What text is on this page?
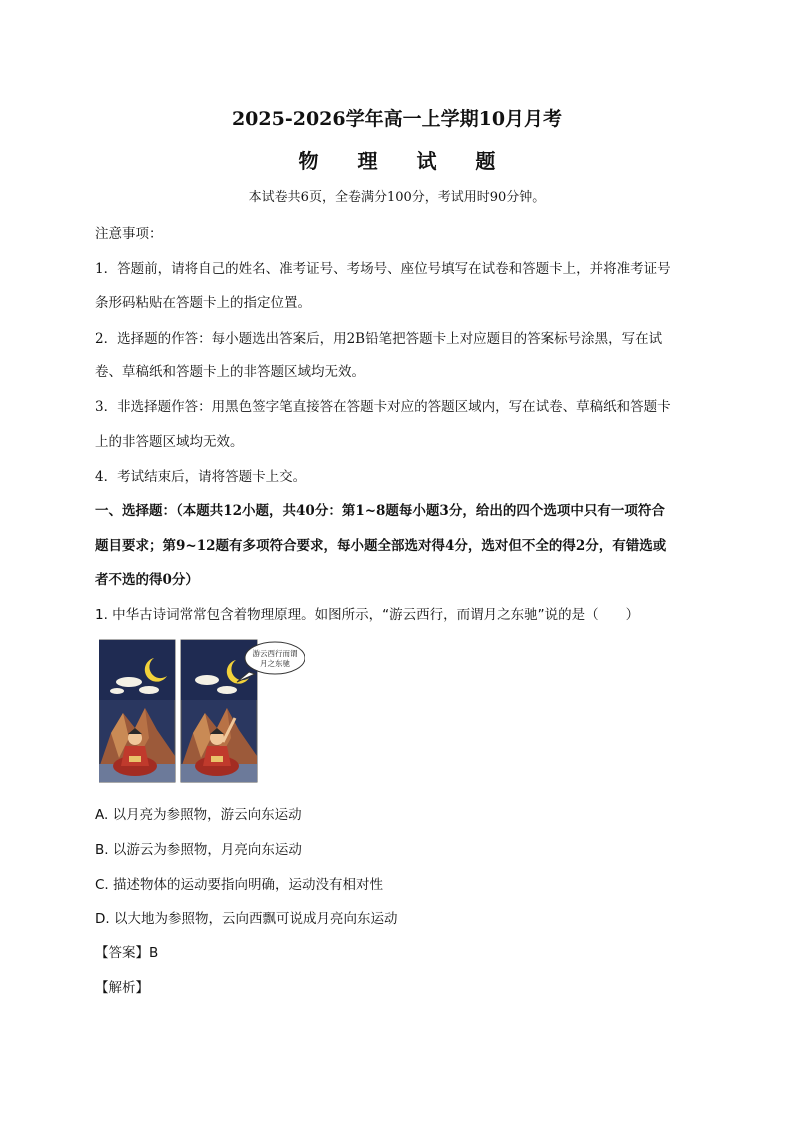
2025-2026学年高一上学期10月月考
物 理 试 题
本试卷共6页，全卷满分100分，考试用时90分钟。
注意事项：
1．答题前，请将自己的姓名、准考证号、考场号、座位号填写在试卷和答题卡上，并将准考证号
条形码粘贴在答题卡上的指定位置。
2．选择题的作答：每小题选出答案后，用2B铅笔把答题卡上对应题目的答案标号涂黑，写在试
卷、草稿纸和答题卡上的非答题区域均无效。
3．非选择题作答：用黑色签字笔直接答在答题卡对应的答题区域内，写在试卷、草稿纸和答题卡
上的非答题区域均无效。
4．考试结束后，请将答题卡上交。
一、选择题：（本题共12小题，共40分：第1~8题每小题3分，给出的四个选项中只有一项符合
题目要求；第9~12题有多项符合要求，每小题全部选对得4分，选对但不全的得2分，有错选或
者不选的得0分）
1. 中华古诗词常常包含着物理原理。如图所示，“游云西行，而谓月之东驰”说的是（　　）
游云西行而谓
月之东驰
A. 以月亮为参照物，游云向东运动
B. 以游云为参照物，月亮向东运动
C. 描述物体的运动要指向明确，运动没有相对性
D. 以大地为参照物，云向西飘可说成月亮向东运动
【答案】B
【解析】
